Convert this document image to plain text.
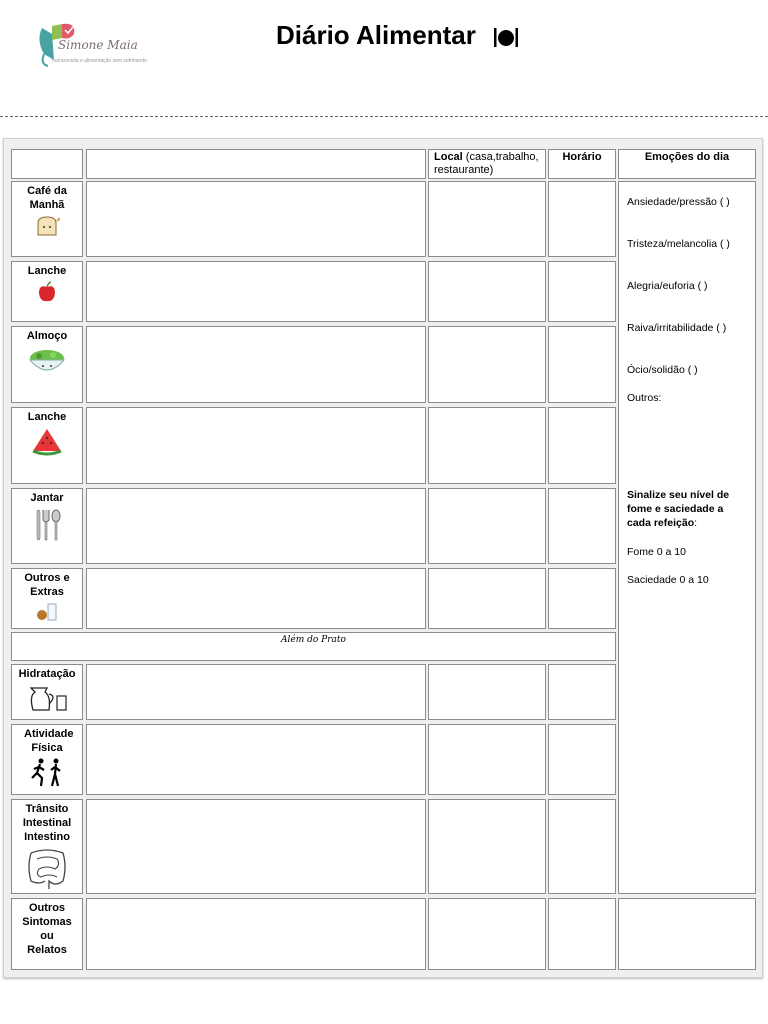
Simone Maia
nutricionista e alimentação sem sofrimento
Diário Alimentar
Local (casa,trabalho, restaurante)
Horário	Emoções do dia
Café da Manhã
Lanche
Almoço
Lanche
Jantar
Outros e Extras
Além do Prato
Hidratação
Atividade Física
Trânsito Intestinal Intestino
Outros Sintomas ou Relatos
Ansiedade/pressão ( )
Tristeza/melancolia ( )
Alegria/euforia ( )
Raiva/irritabilidade ( )
Ócio/solidão ( )
Outros:
Sinalize seu nível de fome e saciedade a cada refeição:
Fome 0 a 10
Saciedade 0 a 10
